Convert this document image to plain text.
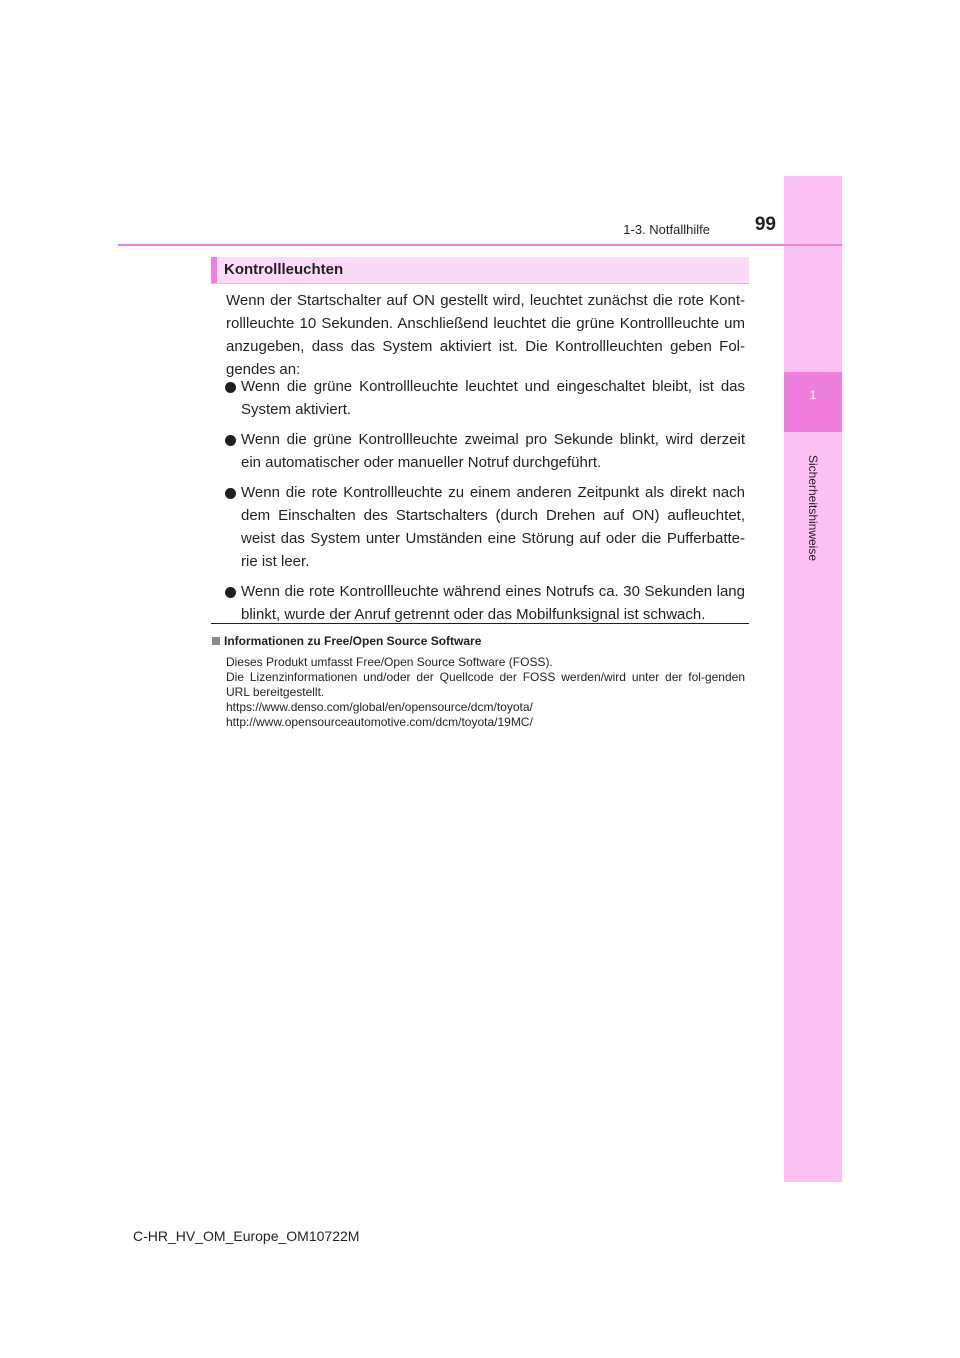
1
Sicherheitshinweise
1-3. Notfallhilfe	99
Kontrollleuchten

Wenn der Startschalter auf ON gestellt wird, leuchtet zunächst die rote Kont-rollleuchte 10 Sekunden. Anschließend leuchtet die grüne Kontrollleuchte um anzugeben, dass das System aktiviert ist. Die Kontrollleuchten geben Fol-gendes an:

Wenn die grüne Kontrollleuchte leuchtet und eingeschaltet bleibt, ist das System aktiviert.
Wenn die grüne Kontrollleuchte zweimal pro Sekunde blinkt, wird derzeit ein automatischer oder manueller Notruf durchgeführt.
Wenn die rote Kontrollleuchte zu einem anderen Zeitpunkt als direkt nach dem Einschalten des Startschalters (durch Drehen auf ON) aufleuchtet, weist das System unter Umständen eine Störung auf oder die Pufferbatte-rie ist leer.
Wenn die rote Kontrollleuchte während eines Notrufs ca. 30 Sekunden lang blinkt, wurde der Anruf getrennt oder das Mobilfunksignal ist schwach.
Informationen zu Free/Open Source Software
Dieses Produkt umfasst Free/Open Source Software (FOSS).
Die Lizenzinformationen und/oder der Quellcode der FOSS werden/wird unter der fol-genden URL bereitgestellt.
https://www.denso.com/global/en/opensource/dcm/toyota/
http://www.opensourceautomotive.com/dcm/toyota/19MC/
C-HR_HV_OM_Europe_OM10722M
